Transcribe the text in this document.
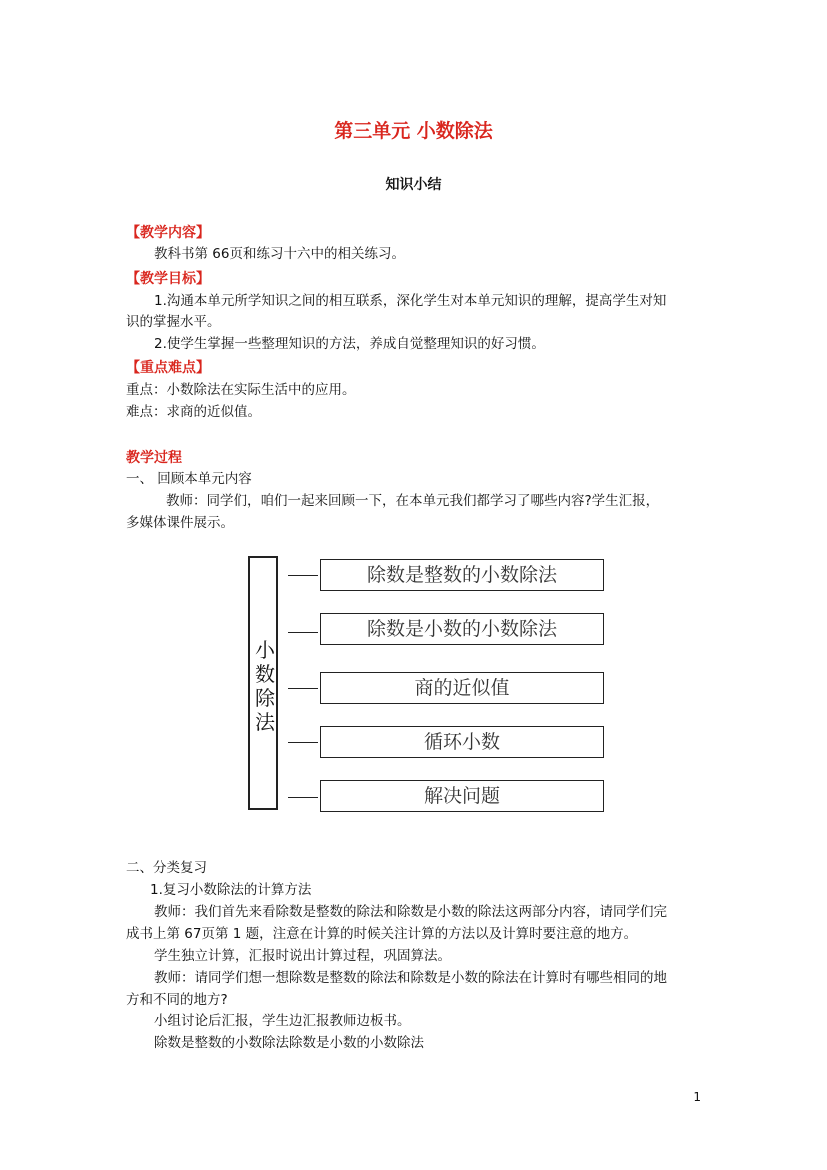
第三单元 小数除法
知识小结
【教学内容】
教科书第 66页和练习十六中的相关练习。
【教学目标】
1.沟通本单元所学知识之间的相互联系，深化学生对本单元知识的理解，提高学生对知
识的掌握水平。
2.使学生掌握一些整理知识的方法，养成自觉整理知识的好习惯。
【重点难点】
重点：小数除法在实际生活中的应用。
难点：求商的近似值。
教学过程
一、 回顾本单元内容
教师：同学们，咱们一起来回顾一下，在本单元我们都学习了哪些内容?学生汇报，
多媒体课件展示。
小数除法
除数是整数的小数除法
除数是小数的小数除法
商的近似值
循环小数
解决问题
二、分类复习
1.复习小数除法的计算方法
教师：我们首先来看除数是整数的除法和除数是小数的除法这两部分内容，请同学们完
成书上第 67页第 1 题，注意在计算的时候关注计算的方法以及计算时要注意的地方。
学生独立计算，汇报时说出计算过程，巩固算法。
教师：请同学们想一想除数是整数的除法和除数是小数的除法在计算时有哪些相同的地
方和不同的地方?
小组讨论后汇报，学生边汇报教师边板书。
除数是整数的小数除法除数是小数的小数除法
1
